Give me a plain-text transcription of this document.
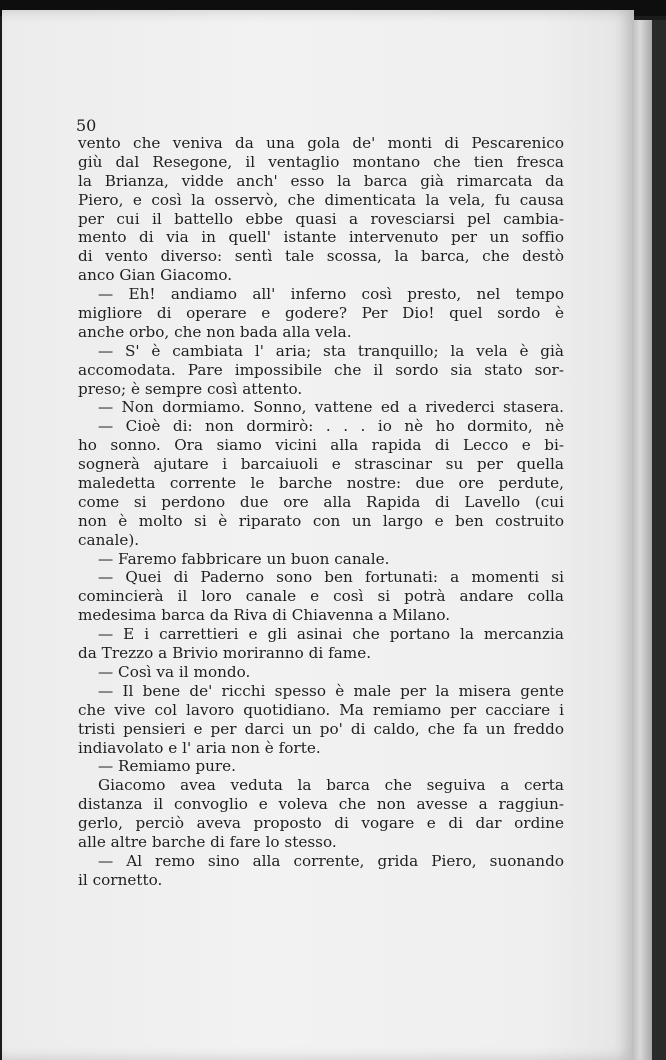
50
vento che veniva da una gola de' monti di Pescarenico
giù dal Resegone, il ventaglio montano che tien fresca
la Brianza, vidde anch' esso la barca già rimarcata da
Piero, e così la osservò, che dimenticata la vela, fu causa
per cui il battello ebbe quasi a rovesciarsi pel cambia-
mento di via in quell' istante intervenuto per un soffio
di vento diverso: sentì tale scossa, la barca, che destò
anco Gian Giacomo.
— Eh! andiamo all' inferno così presto, nel tempo
migliore di operare e godere? Per Dio! quel sordo è
anche orbo, che non bada alla vela.
— S' è cambiata l' aria; sta tranquillo; la vela è già
accomodata. Pare impossibile che il sordo sia stato sor-
preso; è sempre così attento.
— Non dormiamo. Sonno, vattene ed a rivederci stasera.
— Cioè di: non dormirò: . . . io nè ho dormito, nè
ho sonno. Ora siamo vicini alla rapida di Lecco e bi-
sognerà ajutare i barcaiuoli e strascinar su per quella
maledetta corrente le barche nostre: due ore perdute,
come si perdono due ore alla Rapida di Lavello (cui
non è molto si è riparato con un largo e ben costruito
canale).
— Faremo fabbricare un buon canale.
— Quei di Paderno sono ben fortunati: a momenti si
comincierà il loro canale e così si potrà andare colla
medesima barca da Riva di Chiavenna a Milano.
— E i carrettieri e gli asinai che portano la mercanzia
da Trezzo a Brivio moriranno di fame.
— Così va il mondo.
— Il bene de' ricchi spesso è male per la misera gente
che vive col lavoro quotidiano. Ma remiamo per cacciare i
tristi pensieri e per darci un po' di caldo, che fa un freddo
indiavolato e l' aria non è forte.
— Remiamo pure.
Giacomo avea veduta la barca che seguiva a certa
distanza il convoglio e voleva che non avesse a raggiun-
gerlo, perciò aveva proposto di vogare e di dar ordine
alle altre barche di fare lo stesso.
— Al remo sino alla corrente, grida Piero, suonando
il cornetto.
